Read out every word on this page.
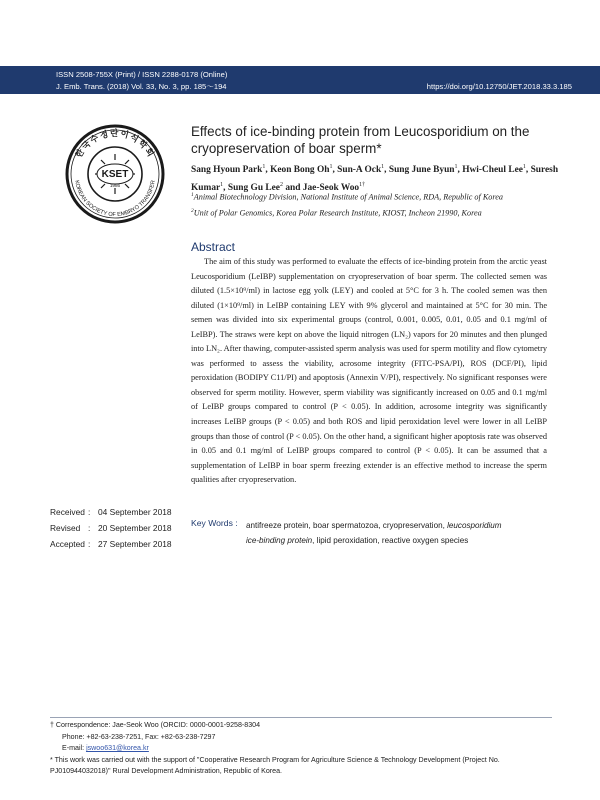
ISSN 2508-755X (Print) / ISSN 2288-0178 (Online)
J. Emb. Trans. (2018) Vol. 33, No. 3, pp. 185～194	https://doi.org/10.12750/JET.2018.33.3.185
한국수정란이식학회
KOREAN SOCIETY OF EMBRYO TRANSFER
KSET
1986
Effects of ice-binding protein from Leucosporidium on the cryopreservation of boar sperm*
Sang Hyoun Park$^1$, Keon Bong Oh$^1$, Sun-A Ock$^1$, Sung June Byun$^1$, Hwi-Cheul Lee$^1$, Suresh Kumar$^1$, Sung Gu Lee$^2$ and Jae-Seok Woo$^{1\dagger}$
$^1$Animal Biotechnology Division, National Institute of Animal Science, RDA, Republic of Korea
$^2$Unit of Polar Genomics, Korea Polar Research Institute, KIOST, Incheon 21990, Korea
Abstract
The aim of this study was performed to evaluate the effects of ice-binding protein from the arctic yeast Leucosporidium (LeIBP) supplementation on cryopreservation of boar sperm. The collected semen was diluted (1.5×10⁹/ml) in lactose egg yolk (LEY) and cooled at 5°C for 3 h. The cooled semen was then diluted (1×10⁹/ml) in LeIBP containing LEY with 9% glycerol and maintained at 5°C for 30 min. The semen was divided into six experimental groups (control, 0.001, 0.005, 0.01, 0.05 and 0.1 mg/ml of LeIBP). The straws were kept on above the liquid nitrogen (LN₂) vapors for 20 minutes and then plunged into LN₂. After thawing, computer-assisted sperm analysis was used for sperm motility and flow cytometry was performed to assess the viability, acrosome integrity (FITC-PSA/PI), ROS (DCF/PI), lipid peroxidation (BODIPY C11/PI) and apoptosis (Annexin V/PI), respectively. No significant responses were observed for sperm motility. However, sperm viability was significantly increased on 0.05 and 0.1 mg/ml of LeIBP groups compared to control (P < 0.05). In addition, acrosome integrity was significantly increases LeIBP groups (P < 0.05) and both ROS and lipid peroxidation level were lower in all LeIBP groups than those of control (P < 0.05). On the other hand, a significant higher apoptosis rate was observed in 0.05 and 0.1 mg/ml of LeIBP groups compared to control (P < 0.05). It can be assumed that a supplementation of LeIBP in boar sperm freezing extender is an effective method to increase the sperm qualities after cryopreservation.
Received : 04 September 2018
Revised : 20 September 2018
Accepted : 27 September 2018
Key Words : antifreeze protein, boar spermatozoa, cryopreservation, leucosporidium
ice-binding protein, lipid peroxidation, reactive oxygen species
† Correspondence: Jae-Seok Woo (ORCID: 0000-0001-9258-8304
Phone: +82-63-238-7251, Fax: +82-63-238-7297
E-mail: jswoo631@korea.kr
* This work was carried out with the support of "Cooperative Research Program for Agriculture Science & Technology Development (Project No. PJ010944032018)" Rural Development Administration, Republic of Korea.
